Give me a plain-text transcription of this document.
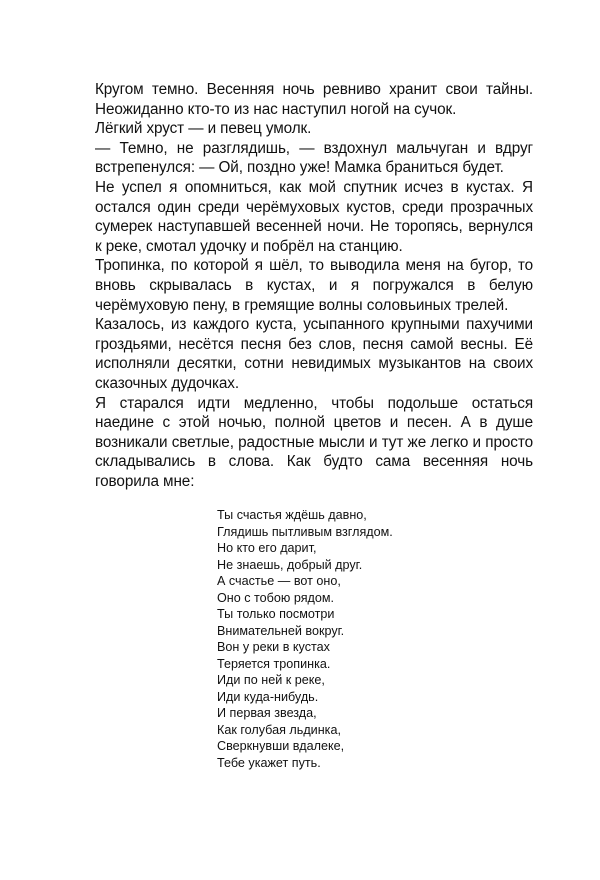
Кругом темно. Весенняя ночь ревниво хранит свои тайны. Неожиданно кто-то из нас наступил ногой на сучок.

Лёгкий хруст — и певец умолк.

— Темно, не разглядишь, — вздохнул мальчуган и вдруг встрепенулся: — Ой, поздно уже! Мамка браниться будет.

Не успел я опомниться, как мой спутник исчез в кустах. Я остался один среди черёмуховых кустов, среди прозрачных сумерек наступавшей весенней ночи. Не торопясь, вернулся к реке, смотал удочку и побрёл на станцию.

Тропинка, по которой я шёл, то выводила меня на бугор, то вновь скрывалась в кустах, и я погружался в белую черёмуховую пену, в гремящие волны соловьиных трелей.

Казалось, из каждого куста, усыпанного крупными пахучими гроздьями, несётся песня без слов, песня самой весны. Её исполняли десятки, сотни невидимых музыкантов на своих сказочных дудочках.

Я старался идти медленно, чтобы подольше остаться наедине с этой ночью, полной цветов и песен. А в душе возникали светлые, радостные мысли и тут же легко и просто складывались в слова. Как будто сама весенняя ночь говорила мне:

Ты счастья ждёшь давно,
Глядишь пытливым взглядом.
Но кто его дарит,
Не знаешь, добрый друг.
А счастье — вот оно,
Оно с тобою рядом.
Ты только посмотри
Внимательней вокруг.
Вон у реки в кустах
Теряется тропинка.
Иди по ней к реке,
Иди куда-нибудь.
И первая звезда,
Как голубая льдинка,
Сверкнувши вдалеке,
Тебе укажет путь.
